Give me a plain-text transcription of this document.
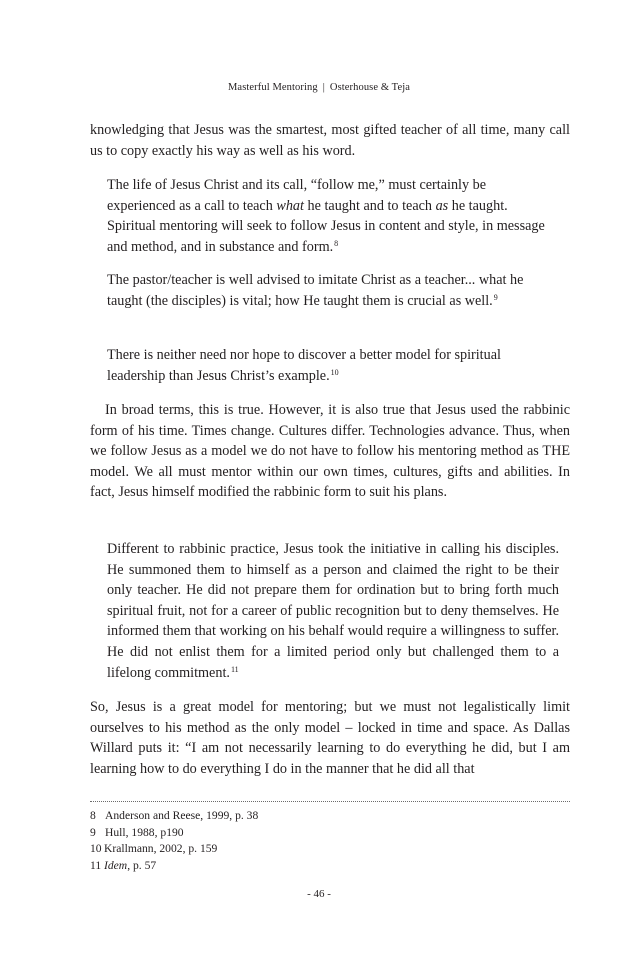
Masterful Mentoring | Osterhouse & Teja

knowledging that Jesus was the smartest, most gifted teacher of all time, many call us to copy exactly his way as well as his word.

The life of Jesus Christ and its call, “follow me,” must certainly be experienced as a call to teach what he taught and to teach as he taught. Spiritual mentoring will seek to follow Jesus in content and style, in message and method, and in substance and form.$^8$

The pastor/teacher is well advised to imitate Christ as a teacher... what he taught (the disciples) is vital; how He taught them is crucial as well.$^9$

There is neither need nor hope to discover a better model for spiritual leadership than Jesus Christ’s example.$^{10}$

In broad terms, this is true. However, it is also true that Jesus used the rabbinic form of his time. Times change. Cultures differ. Technologies advance. Thus, when we follow Jesus as a model we do not have to follow his mentoring method as THE model. We all must mentor within our own times, cultures, gifts and abilities. In fact, Jesus himself modified the rabbinic form to suit his plans.

Different to rabbinic practice, Jesus took the initiative in calling his disciples. He summoned them to himself as a person and claimed the right to be their only teacher. He did not prepare them for ordination but to bring forth much spiritual fruit, not for a career of public recognition but to deny themselves. He informed them that working on his behalf would require a willingness to suffer. He did not enlist them for a limited period only but challenged them to a lifelong commitment.$^{11}$

So, Jesus is a great model for mentoring; but we must not legalistically limit ourselves to his method as the only model – locked in time and space. As Dallas Willard puts it: “I am not necessarily learning to do everything he did, but I am learning how to do everything I do in the manner that he did all that

8 Anderson and Reese, 1999, p. 38
9 Hull, 1988, p190
10 Krallmann, 2002, p. 159
11 Idem, p. 57
- 46 -
